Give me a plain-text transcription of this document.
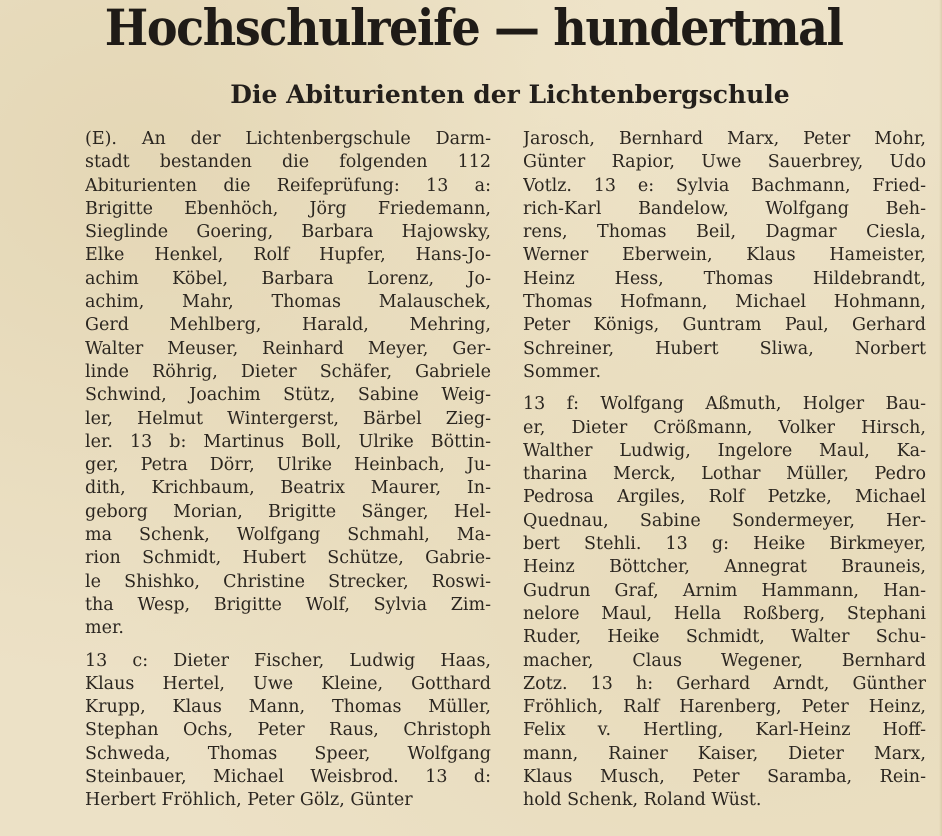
Hochschulreife — hundertmal
Die Abiturienten der Lichtenbergschule
(E). An der Lichtenbergschule Darm-
stadt bestanden die folgenden 112
Abiturienten die Reifeprüfung: 13 a:
Brigitte Ebenhöch, Jörg Friedemann,
Sieglinde Goering, Barbara Hajowsky,
Elke Henkel, Rolf Hupfer, Hans-Jo-
achim Köbel, Barbara Lorenz, Jo-
achim, Mahr, Thomas Malauschek,
Gerd Mehlberg, Harald, Mehring,
Walter Meuser, Reinhard Meyer, Ger-
linde Röhrig, Dieter Schäfer, Gabriele
Schwind, Joachim Stütz, Sabine Weig-
ler, Helmut Wintergerst, Bärbel Zieg-
ler. 13 b: Martinus Boll, Ulrike Böttin-
ger, Petra Dörr, Ulrike Heinbach, Ju-
dith, Krichbaum, Beatrix Maurer, In-
geborg Morian, Brigitte Sänger, Hel-
ma Schenk, Wolfgang Schmahl, Ma-
rion Schmidt, Hubert Schütze, Gabrie-
le Shishko, Christine Strecker, Roswi-
tha Wesp, Brigitte Wolf, Sylvia Zim-
mer.
13 c: Dieter Fischer, Ludwig Haas,
Klaus Hertel, Uwe Kleine, Gotthard
Krupp, Klaus Mann, Thomas Müller,
Stephan Ochs, Peter Raus, Christoph
Schweda, Thomas Speer, Wolfgang
Steinbauer, Michael Weisbrod. 13 d:
Herbert Fröhlich, Peter Gölz, Günter
Jarosch, Bernhard Marx, Peter Mohr,
Günter Rapior, Uwe Sauerbrey, Udo
Votlz. 13 e: Sylvia Bachmann, Fried-
rich-Karl Bandelow, Wolfgang Beh-
rens, Thomas Beil, Dagmar Ciesla,
Werner Eberwein, Klaus Hameister,
Heinz Hess, Thomas Hildebrandt,
Thomas Hofmann, Michael Hohmann,
Peter Königs, Guntram Paul, Gerhard
Schreiner, Hubert Sliwa, Norbert
Sommer.
13 f: Wolfgang Aßmuth, Holger Bau-
er, Dieter Crößmann, Volker Hirsch,
Walther Ludwig, Ingelore Maul, Ka-
tharina Merck, Lothar Müller, Pedro
Pedrosa Argiles, Rolf Petzke, Michael
Quednau, Sabine Sondermeyer, Her-
bert Stehli. 13 g: Heike Birkmeyer,
Heinz Böttcher, Annegrat Brauneis,
Gudrun Graf, Arnim Hammann, Han-
nelore Maul, Hella Roßberg, Stephani
Ruder, Heike Schmidt, Walter Schu-
macher, Claus Wegener, Bernhard
Zotz. 13 h: Gerhard Arndt, Günther
Fröhlich, Ralf Harenberg, Peter Heinz,
Felix v. Hertling, Karl-Heinz Hoff-
mann, Rainer Kaiser, Dieter Marx,
Klaus Musch, Peter Saramba, Rein-
hold Schenk, Roland Wüst.
